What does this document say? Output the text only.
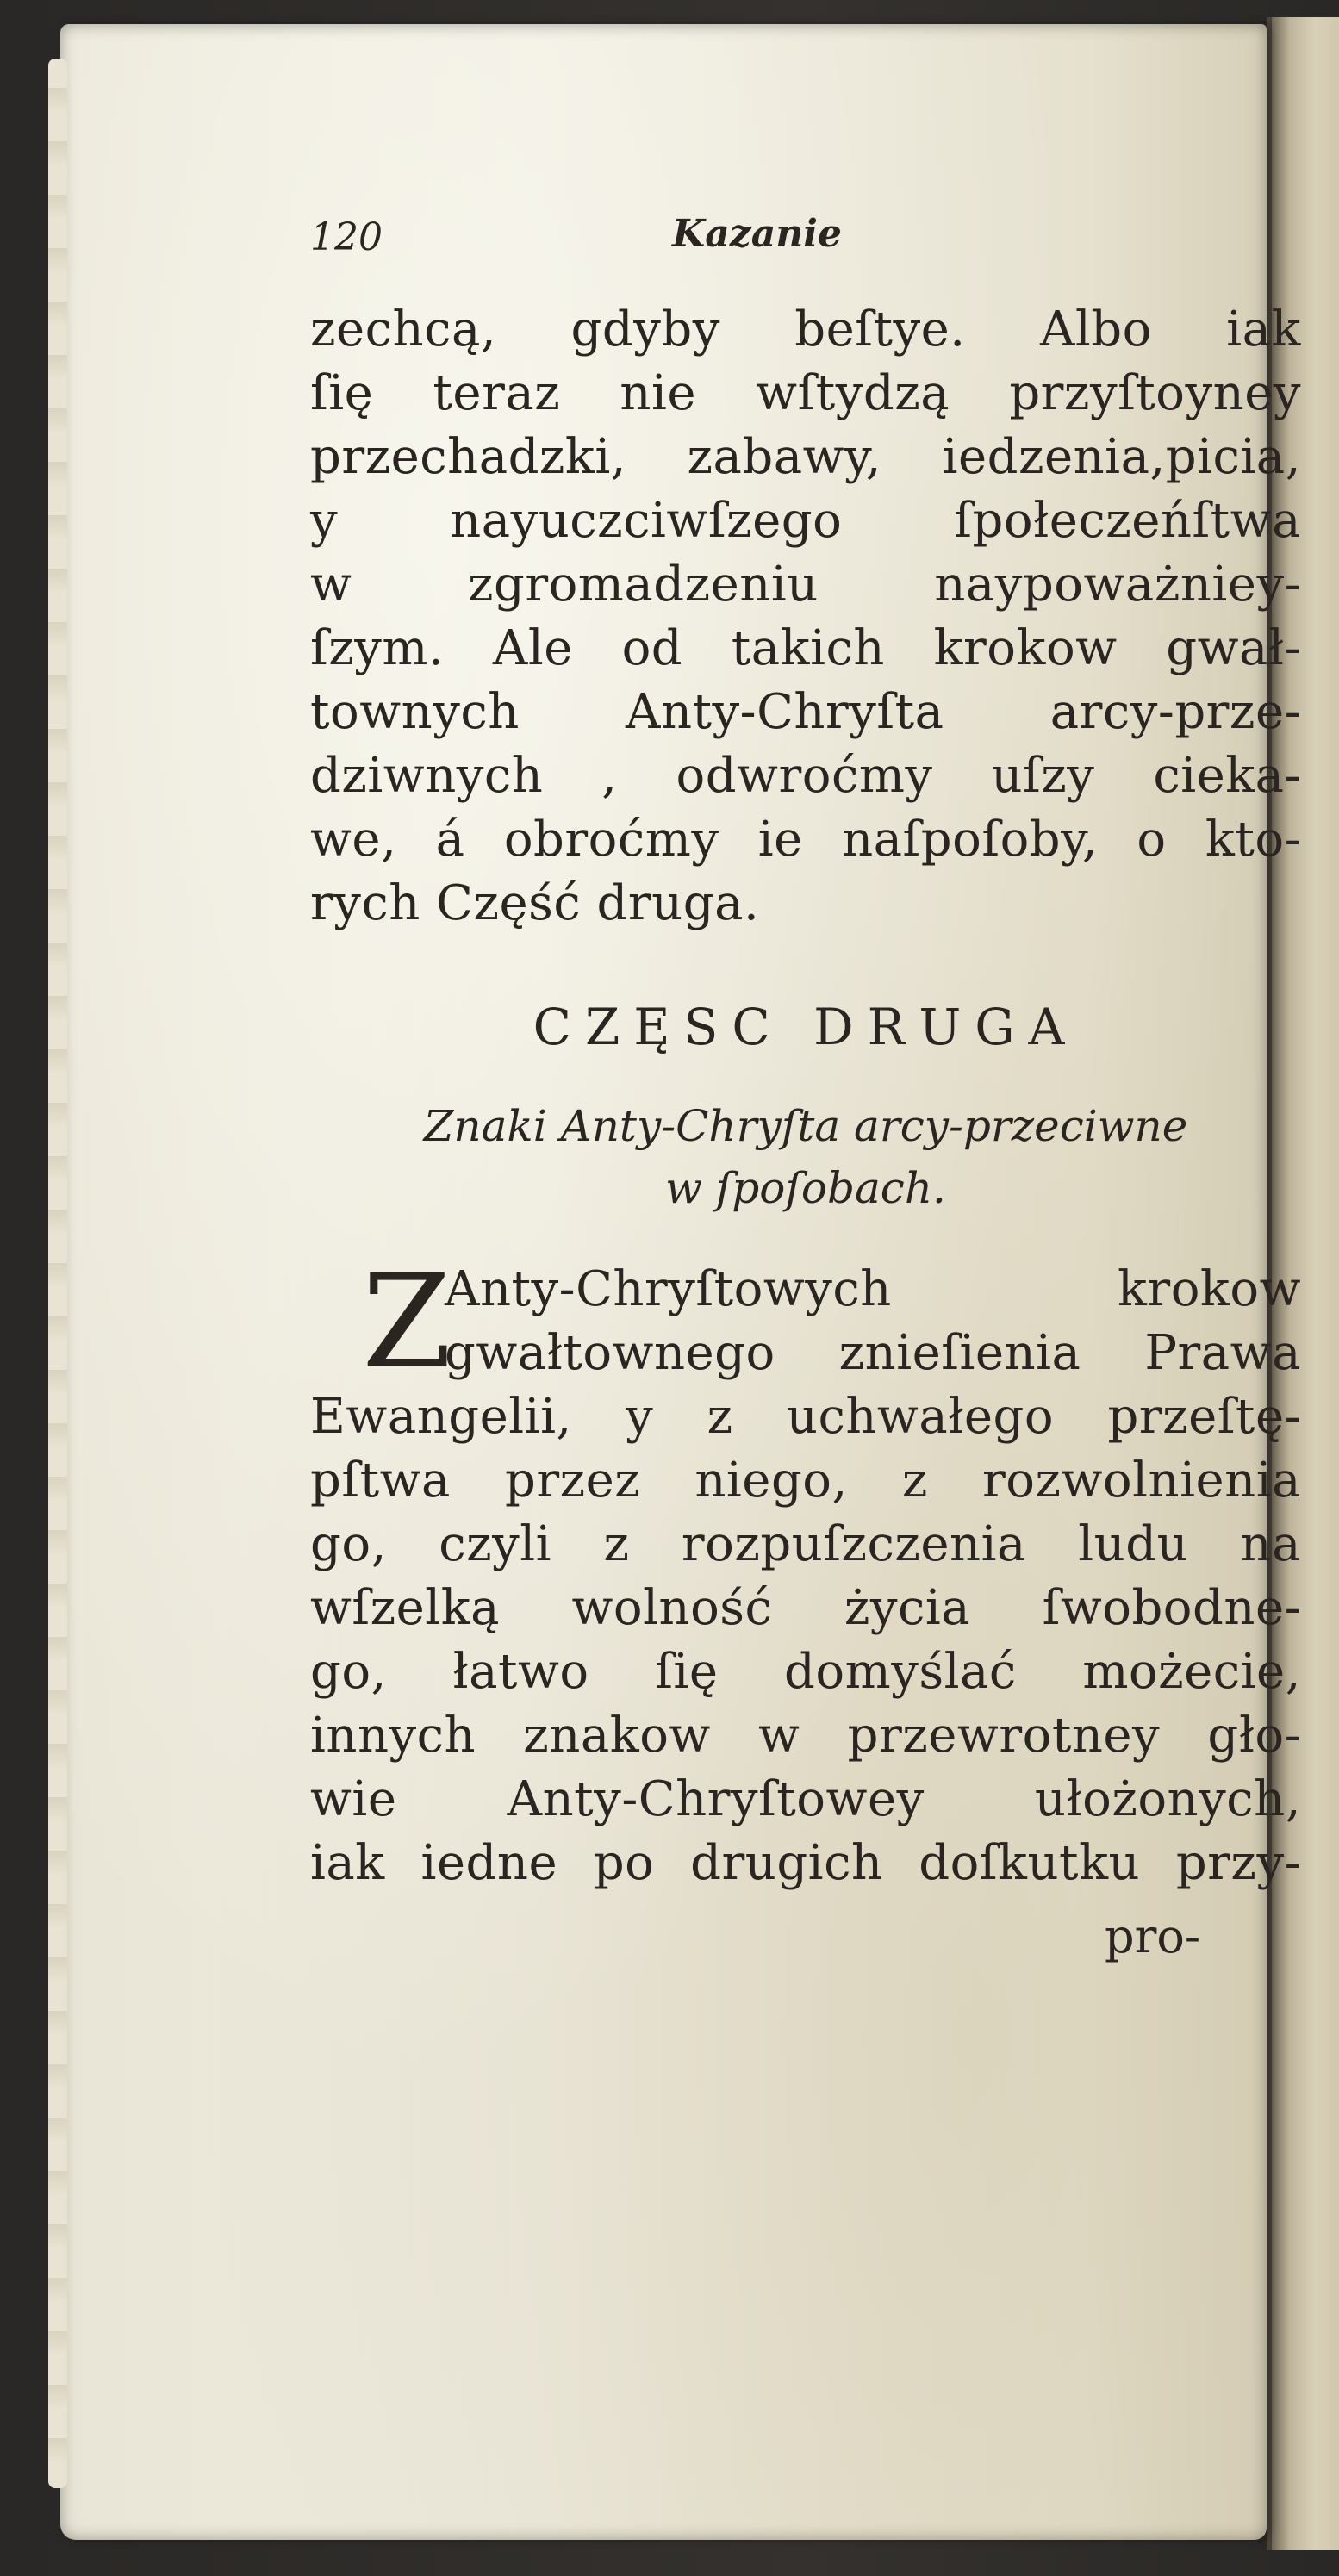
120	Kazanie
zechcą, gdyby beſtye. Albo iak
ſię teraz nie wſtydzą przyſtoyney
przechadzki, zabawy, iedzenia,picia,
y nayuczciwſzego ſpołeczeńſtwa
w zgromadzeniu naypoważniey-
ſzym. Ale od takich krokow gwał-
townych Anty-Chryſta arcy-prze-
dziwnych , odwroćmy uſzy cieka-
we, á obroćmy ie naſpoſoby, o kto-
rych Część druga.
CZĘSC DRUGA
Znaki Anty-Chryſta arcy-przeciwne
w ſpoſobach.
Z
Anty-Chryſtowych krokow
gwałtownego znieſienia Prawa
Ewangelii, y z uchwałego przeſtę-
pſtwa przez niego, z rozwolnienia
go, czyli z rozpuſzczenia ludu na
wſzelką wolność życia ſwobodne-
go, łatwo ſię domyślać możecie,
innych znakow w przewrotney gło-
wie Anty-Chryſtowey ułożonych,
iak iedne po drugich doſkutku przy-
pro-
